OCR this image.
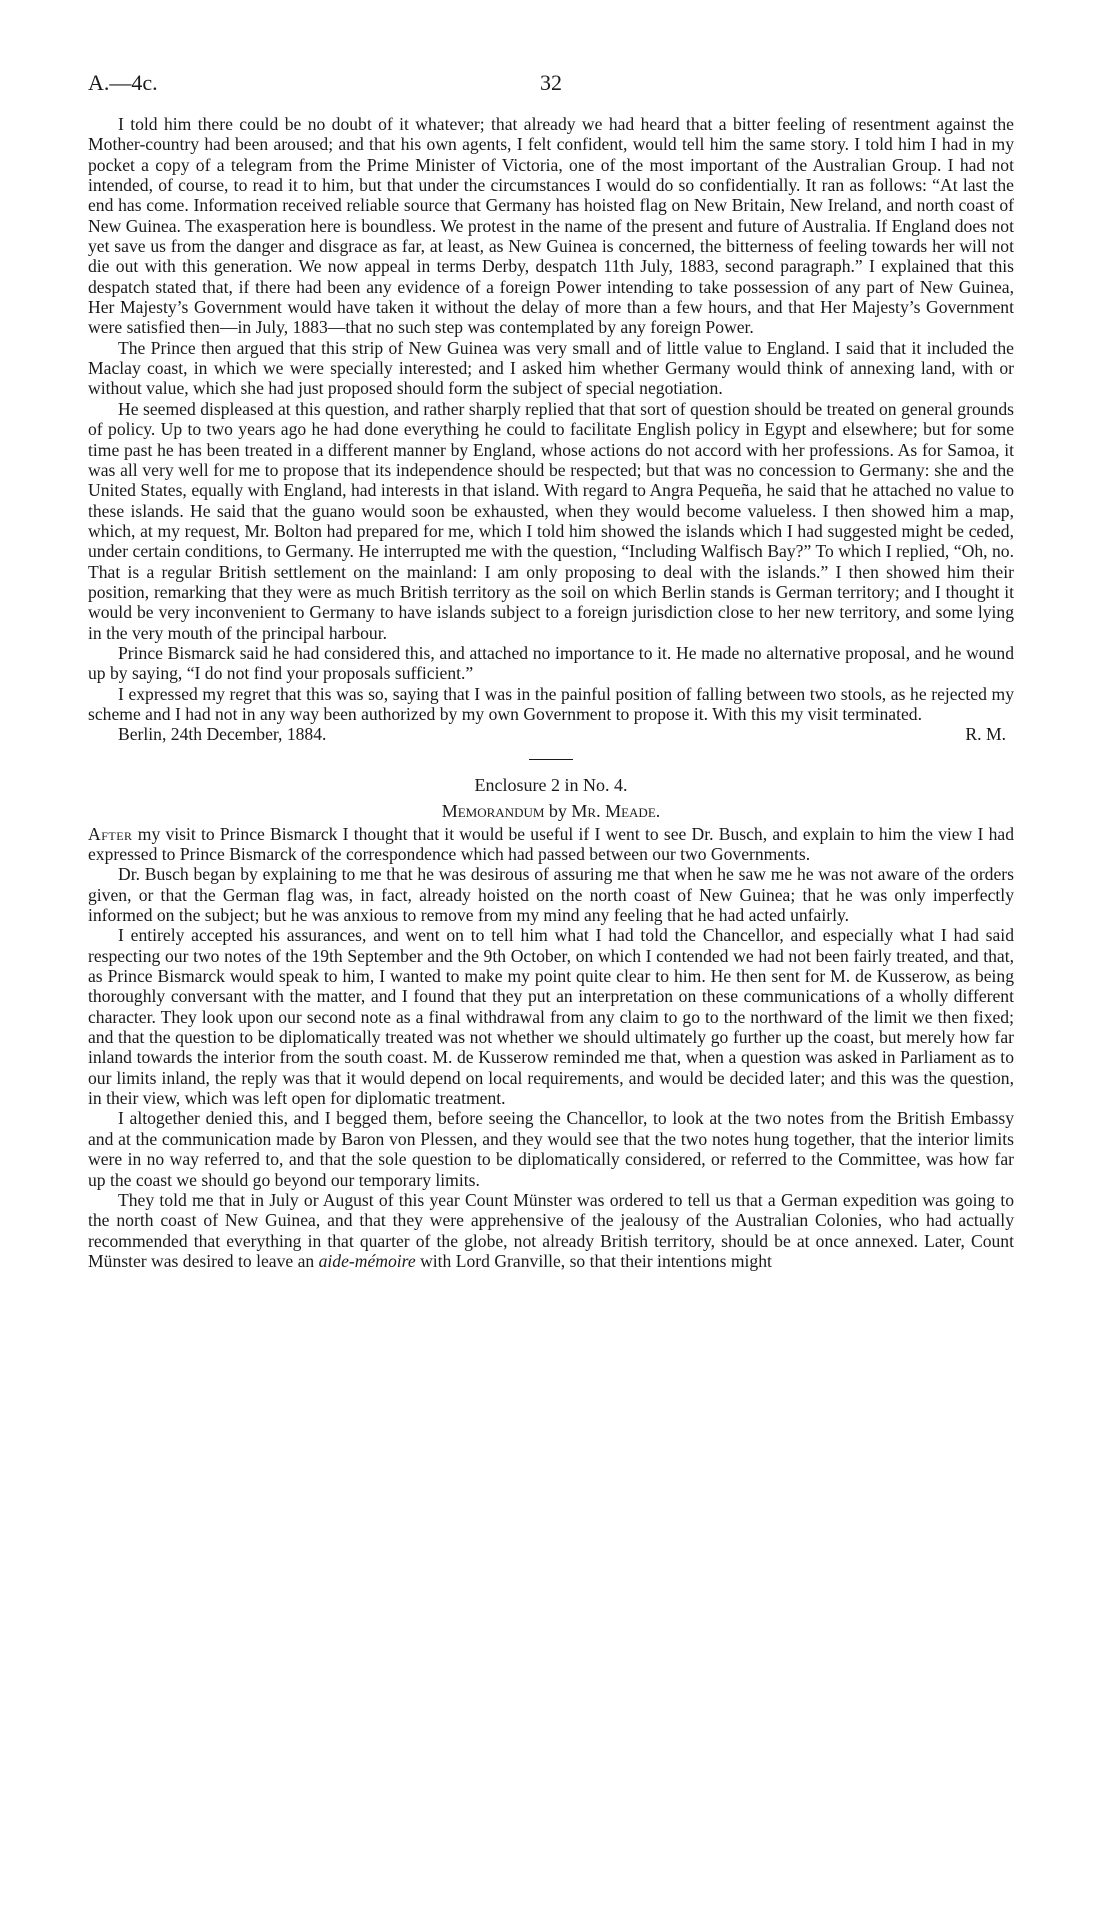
A.—4c.	32

I told him there could be no doubt of it whatever; that already we had heard that a bitter feeling of resentment against the Mother-country had been aroused; and that his own agents, I felt confident, would tell him the same story. I told him I had in my pocket a copy of a telegram from the Prime Minister of Victoria, one of the most important of the Australian Group. I had not intended, of course, to read it to him, but that under the circumstances I would do so confidentially. It ran as follows: “At last the end has come. Information received reliable source that Germany has hoisted flag on New Britain, New Ireland, and north coast of New Guinea. The exasperation here is boundless. We protest in the name of the present and future of Australia. If England does not yet save us from the danger and disgrace as far, at least, as New Guinea is concerned, the bitterness of feeling towards her will not die out with this generation. We now appeal in terms Derby, despatch 11th July, 1883, second paragraph.” I explained that this despatch stated that, if there had been any evidence of a foreign Power intending to take possession of any part of New Guinea, Her Majesty’s Government would have taken it without the delay of more than a few hours, and that Her Majesty’s Government were satisfied then—in July, 1883—that no such step was contemplated by any foreign Power.

The Prince then argued that this strip of New Guinea was very small and of little value to England. I said that it included the Maclay coast, in which we were specially interested; and I asked him whether Germany would think of annexing land, with or without value, which she had just proposed should form the subject of special negotiation.

He seemed displeased at this question, and rather sharply replied that that sort of question should be treated on general grounds of policy. Up to two years ago he had done everything he could to facilitate English policy in Egypt and elsewhere; but for some time past he has been treated in a different manner by England, whose actions do not accord with her professions. As for Samoa, it was all very well for me to propose that its independence should be respected; but that was no concession to Germany: she and the United States, equally with England, had interests in that island. With regard to Angra Pequeña, he said that he attached no value to these islands. He said that the guano would soon be exhausted, when they would become valueless. I then showed him a map, which, at my request, Mr. Bolton had prepared for me, which I told him showed the islands which I had suggested might be ceded, under certain conditions, to Germany. He interrupted me with the question, “Including Walfisch Bay?” To which I replied, “Oh, no. That is a regular British settlement on the mainland: I am only proposing to deal with the islands.” I then showed him their position, remarking that they were as much British territory as the soil on which Berlin stands is German territory; and I thought it would be very inconvenient to Germany to have islands subject to a foreign jurisdiction close to her new territory, and some lying in the very mouth of the principal harbour.

Prince Bismarck said he had considered this, and attached no importance to it. He made no alternative proposal, and he wound up by saying, “I do not find your proposals sufficient.”

I expressed my regret that this was so, saying that I was in the painful position of falling between two stools, as he rejected my scheme and I had not in any way been authorized by my own Government to propose it. With this my visit terminated.

Berlin, 24th December, 1884.	R. M.

Enclosure 2 in No. 4.

Memorandum by Mr. Meade.

After my visit to Prince Bismarck I thought that it would be useful if I went to see Dr. Busch, and explain to him the view I had expressed to Prince Bismarck of the correspondence which had passed between our two Governments.

Dr. Busch began by explaining to me that he was desirous of assuring me that when he saw me he was not aware of the orders given, or that the German flag was, in fact, already hoisted on the north coast of New Guinea; that he was only imperfectly informed on the subject; but he was anxious to remove from my mind any feeling that he had acted unfairly.

I entirely accepted his assurances, and went on to tell him what I had told the Chancellor, and especially what I had said respecting our two notes of the 19th September and the 9th October, on which I contended we had not been fairly treated, and that, as Prince Bismarck would speak to him, I wanted to make my point quite clear to him. He then sent for M. de Kusserow, as being thoroughly conversant with the matter, and I found that they put an interpretation on these communications of a wholly different character. They look upon our second note as a final withdrawal from any claim to go to the northward of the limit we then fixed; and that the question to be diplomatically treated was not whether we should ultimately go further up the coast, but merely how far inland towards the interior from the south coast. M. de Kusserow reminded me that, when a question was asked in Parliament as to our limits inland, the reply was that it would depend on local requirements, and would be decided later; and this was the question, in their view, which was left open for diplomatic treatment.

I altogether denied this, and I begged them, before seeing the Chancellor, to look at the two notes from the British Embassy and at the communication made by Baron von Plessen, and they would see that the two notes hung together, that the interior limits were in no way referred to, and that the sole question to be diplomatically considered, or referred to the Committee, was how far up the coast we should go beyond our temporary limits.

They told me that in July or August of this year Count Münster was ordered to tell us that a German expedition was going to the north coast of New Guinea, and that they were apprehensive of the jealousy of the Australian Colonies, who had actually recommended that everything in that quarter of the globe, not already British territory, should be at once annexed. Later, Count Münster was desired to leave an aide-mémoire with Lord Granville, so that their intentions might
